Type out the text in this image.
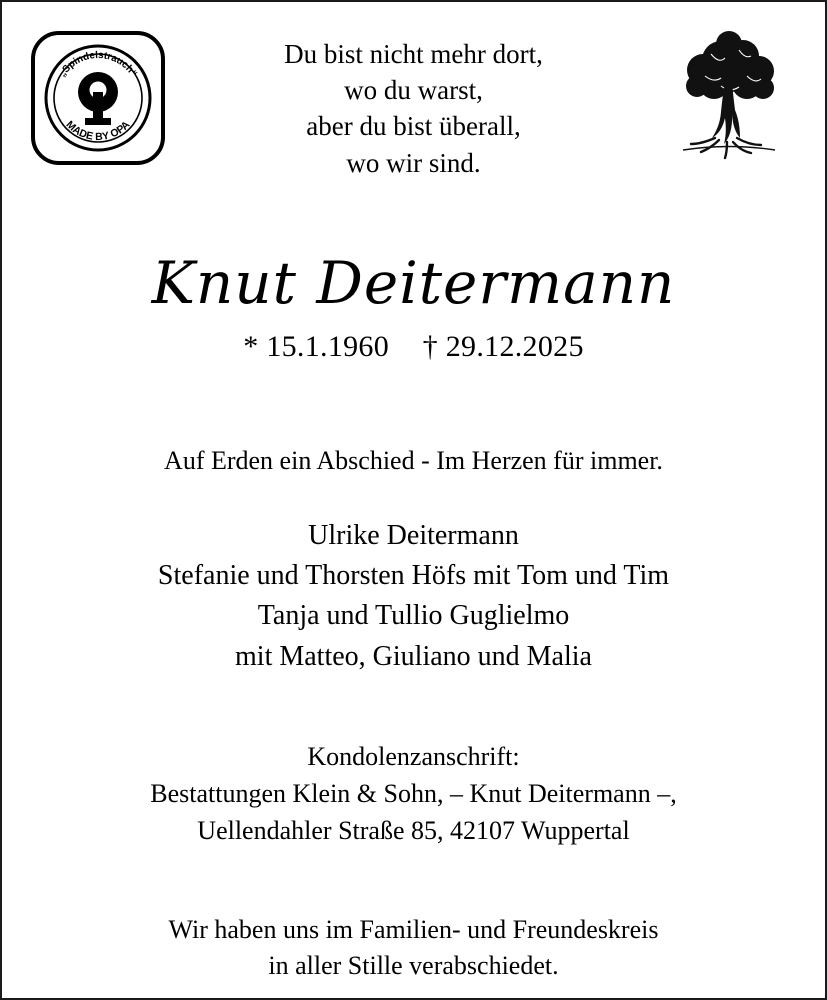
„Spindelstrauch“
MADE BY OPA
Du bist nicht mehr dort,
wo du warst,
aber du bist überall,
wo wir sind.
Knut Deitermann
* 15.1.1960 † 29.12.2025
Auf Erden ein Abschied - Im Herzen für immer.
Ulrike Deitermann
Stefanie und Thorsten Höfs mit Tom und Tim
Tanja und Tullio Guglielmo
mit Matteo, Giuliano und Malia
Kondolenzanschrift:
Bestattungen Klein & Sohn, – Knut Deitermann –,
Uellendahler Straße 85, 42107 Wuppertal
Wir haben uns im Familien- und Freundeskreis
in aller Stille verabschiedet.
